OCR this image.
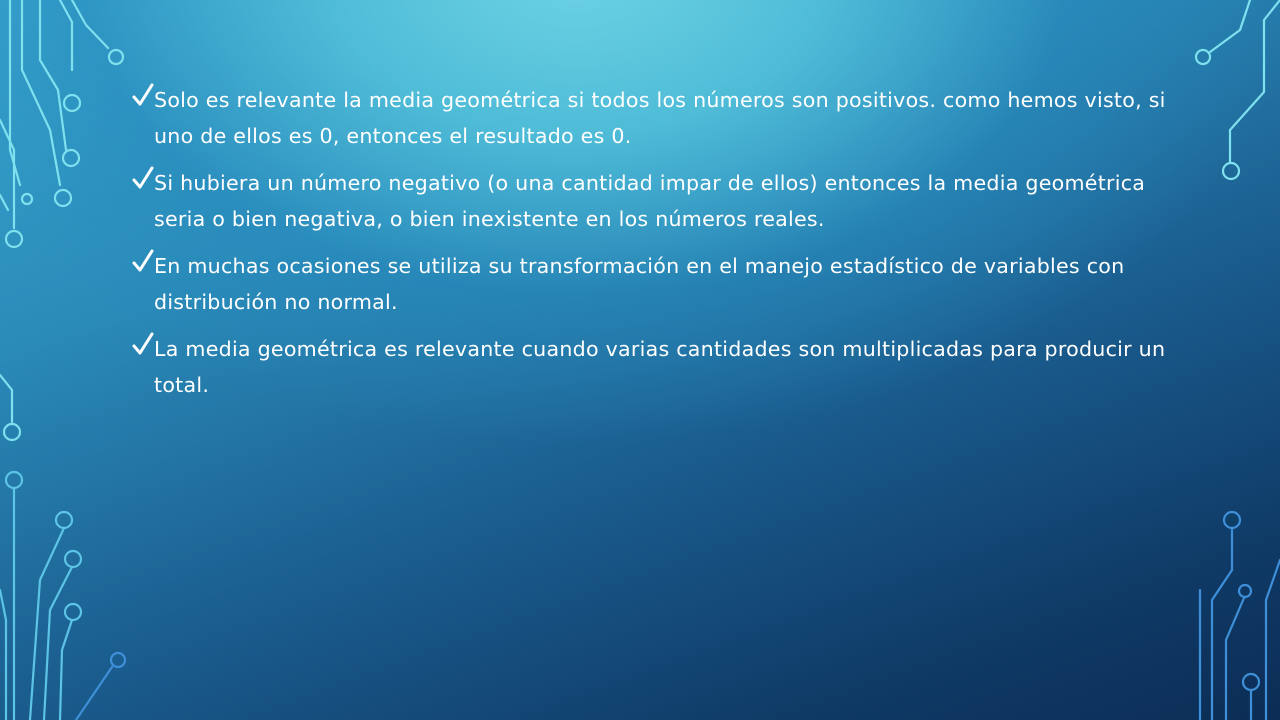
Solo es relevante la media geométrica si todos los números son positivos. como hemos visto, si uno de ellos es 0, entonces el resultado es 0.
Si hubiera un número negativo (o una cantidad impar de ellos) entonces la media geométrica seria o bien negativa, o bien inexistente en los números reales.
En muchas ocasiones se utiliza su transformación en el manejo estadístico de variables con distribución no normal.
La media geométrica es relevante cuando varias cantidades son multiplicadas para producir un total.
